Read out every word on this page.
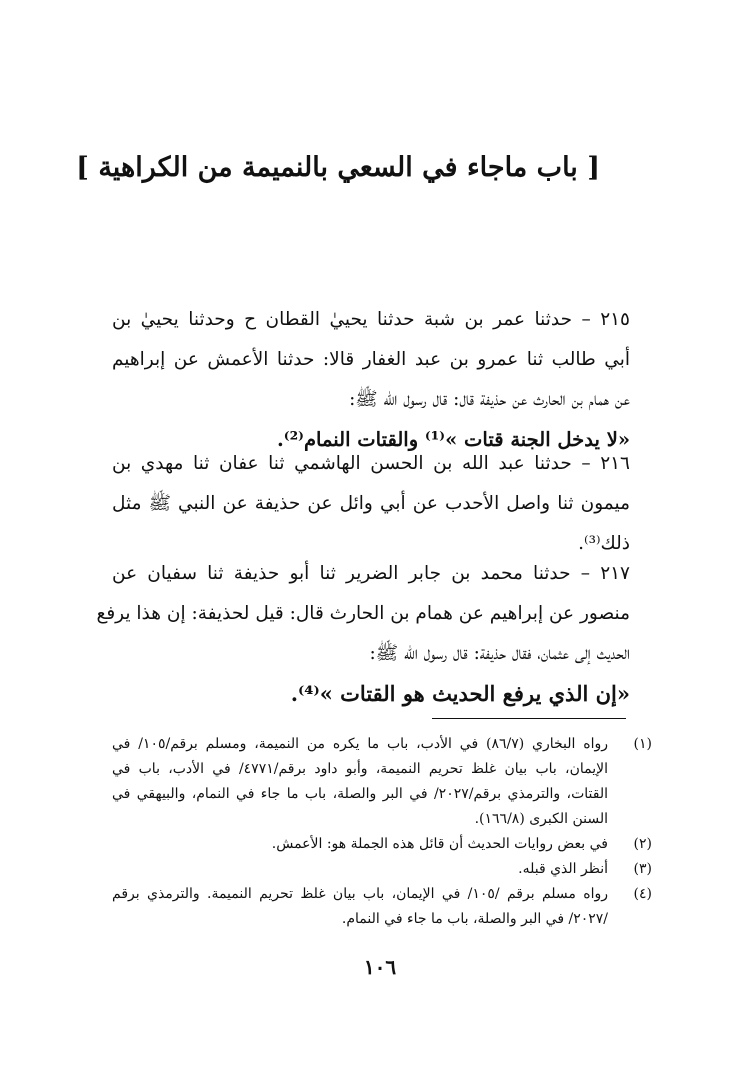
[ باب ماجاء في السعي بالنميمة من الكراهية ]
٢١٥ – حدثنا عمر بن شبة حدثنا يحييٰ القطان ح وحدثنا يحييٰ بن
أبي طالب ثنا عمرو بن عبد الغفار قالا: حدثنا الأعمش عن إبراهيم
عن همام بن الحارث عن حذيفة قال: قال رسول الله ﷺ:
«لا يدخل الجنة قتات »⁽¹⁾ والقتات النمام⁽²⁾.
٢١٦ – حدثنا عبد الله بن الحسن الهاشمي ثنا عفان ثنا مهدي بن
ميمون ثنا واصل الأحدب عن أبي وائل عن حذيفة عن النبي ﷺ مثل
ذلك⁽³⁾.
٢١٧ – حدثنا محمد بن جابر الضرير ثنا أبو حذيفة ثنا سفيان عن
منصور عن إبراهيم عن همام بن الحارث قال: قيل لحذيفة: إن هذا يرفع
الحديث إلى عثمان، فقال حذيفة: قال رسول الله ﷺ:
«إن الذي يرفع الحديث هو القتات »⁽⁴⁾.
(١)
رواه البخاري (٨٦/٧) في الأدب، باب ما يكره من النميمة، ومسلم برقم/١٠٥/ في
الإيمان، باب بيان غلظ تحريم النميمة، وأبو داود برقم/٤٧٧١/ في الأدب، باب في
القتات، والترمذي برقم/٢٠٢٧/ في البر والصلة، باب ما جاء في النمام، والبيهقي في
السنن الكبرى (١٦٦/٨).
(٢)
في بعض روايات الحديث أن قائل هذه الجملة هو: الأعمش.
(٣)
أنظر الذي قبله.
(٤)
رواه مسلم برقم /١٠٥/ في الإيمان، باب بيان غلظ تحريم النميمة. والترمذي برقم
/٢٠٢٧/ في البر والصلة، باب ما جاء في النمام.
١٠٦
